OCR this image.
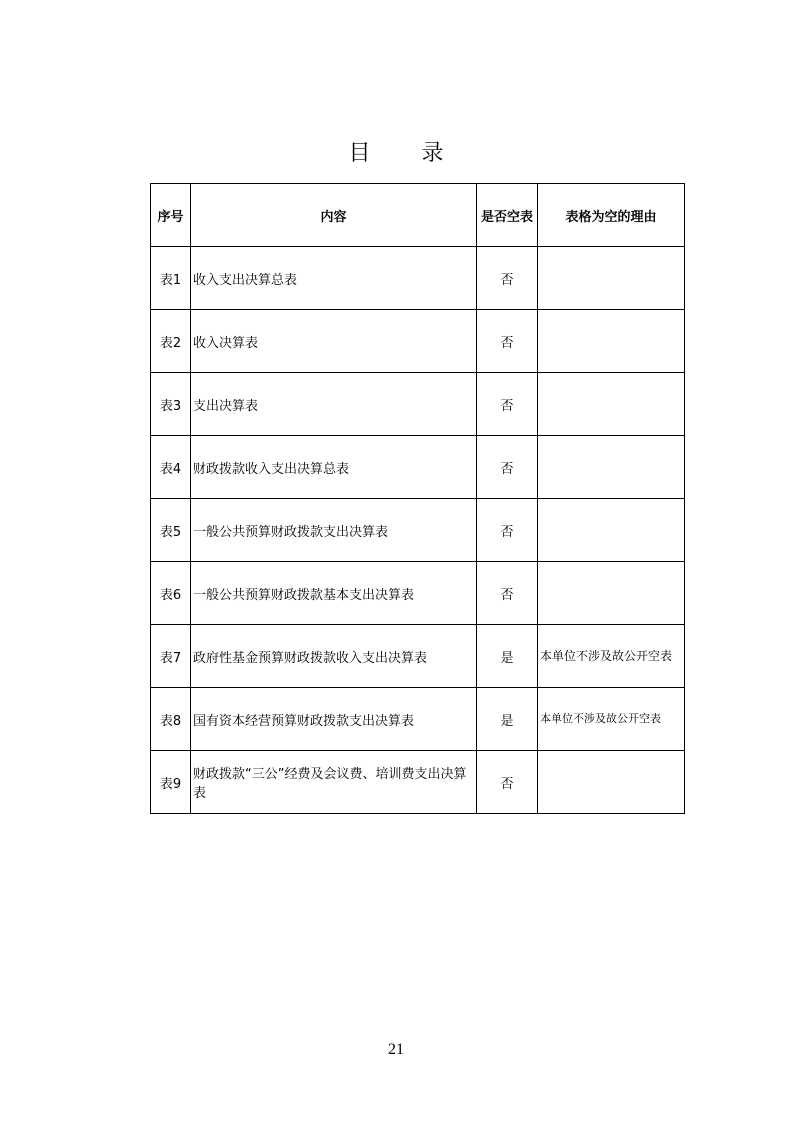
目 录
序号	内容	是否空表	表格为空的理由
表1	收入支出决算总表	否	
表2	收入决算表	否	
表3	支出决算表	否	
表4	财政拨款收入支出决算总表	否	
表5	一般公共预算财政拨款支出决算表	否	
表6	一般公共预算财政拨款基本支出决算表	否	
表7	政府性基金预算财政拨款收入支出决算表	是	本单位不涉及故公开空表
表8	国有资本经营预算财政拨款支出决算表	是	本单位不涉及故公开空表
表9	财政拨款“三公”经费及会议费、培训费支出决算表	否	
21
